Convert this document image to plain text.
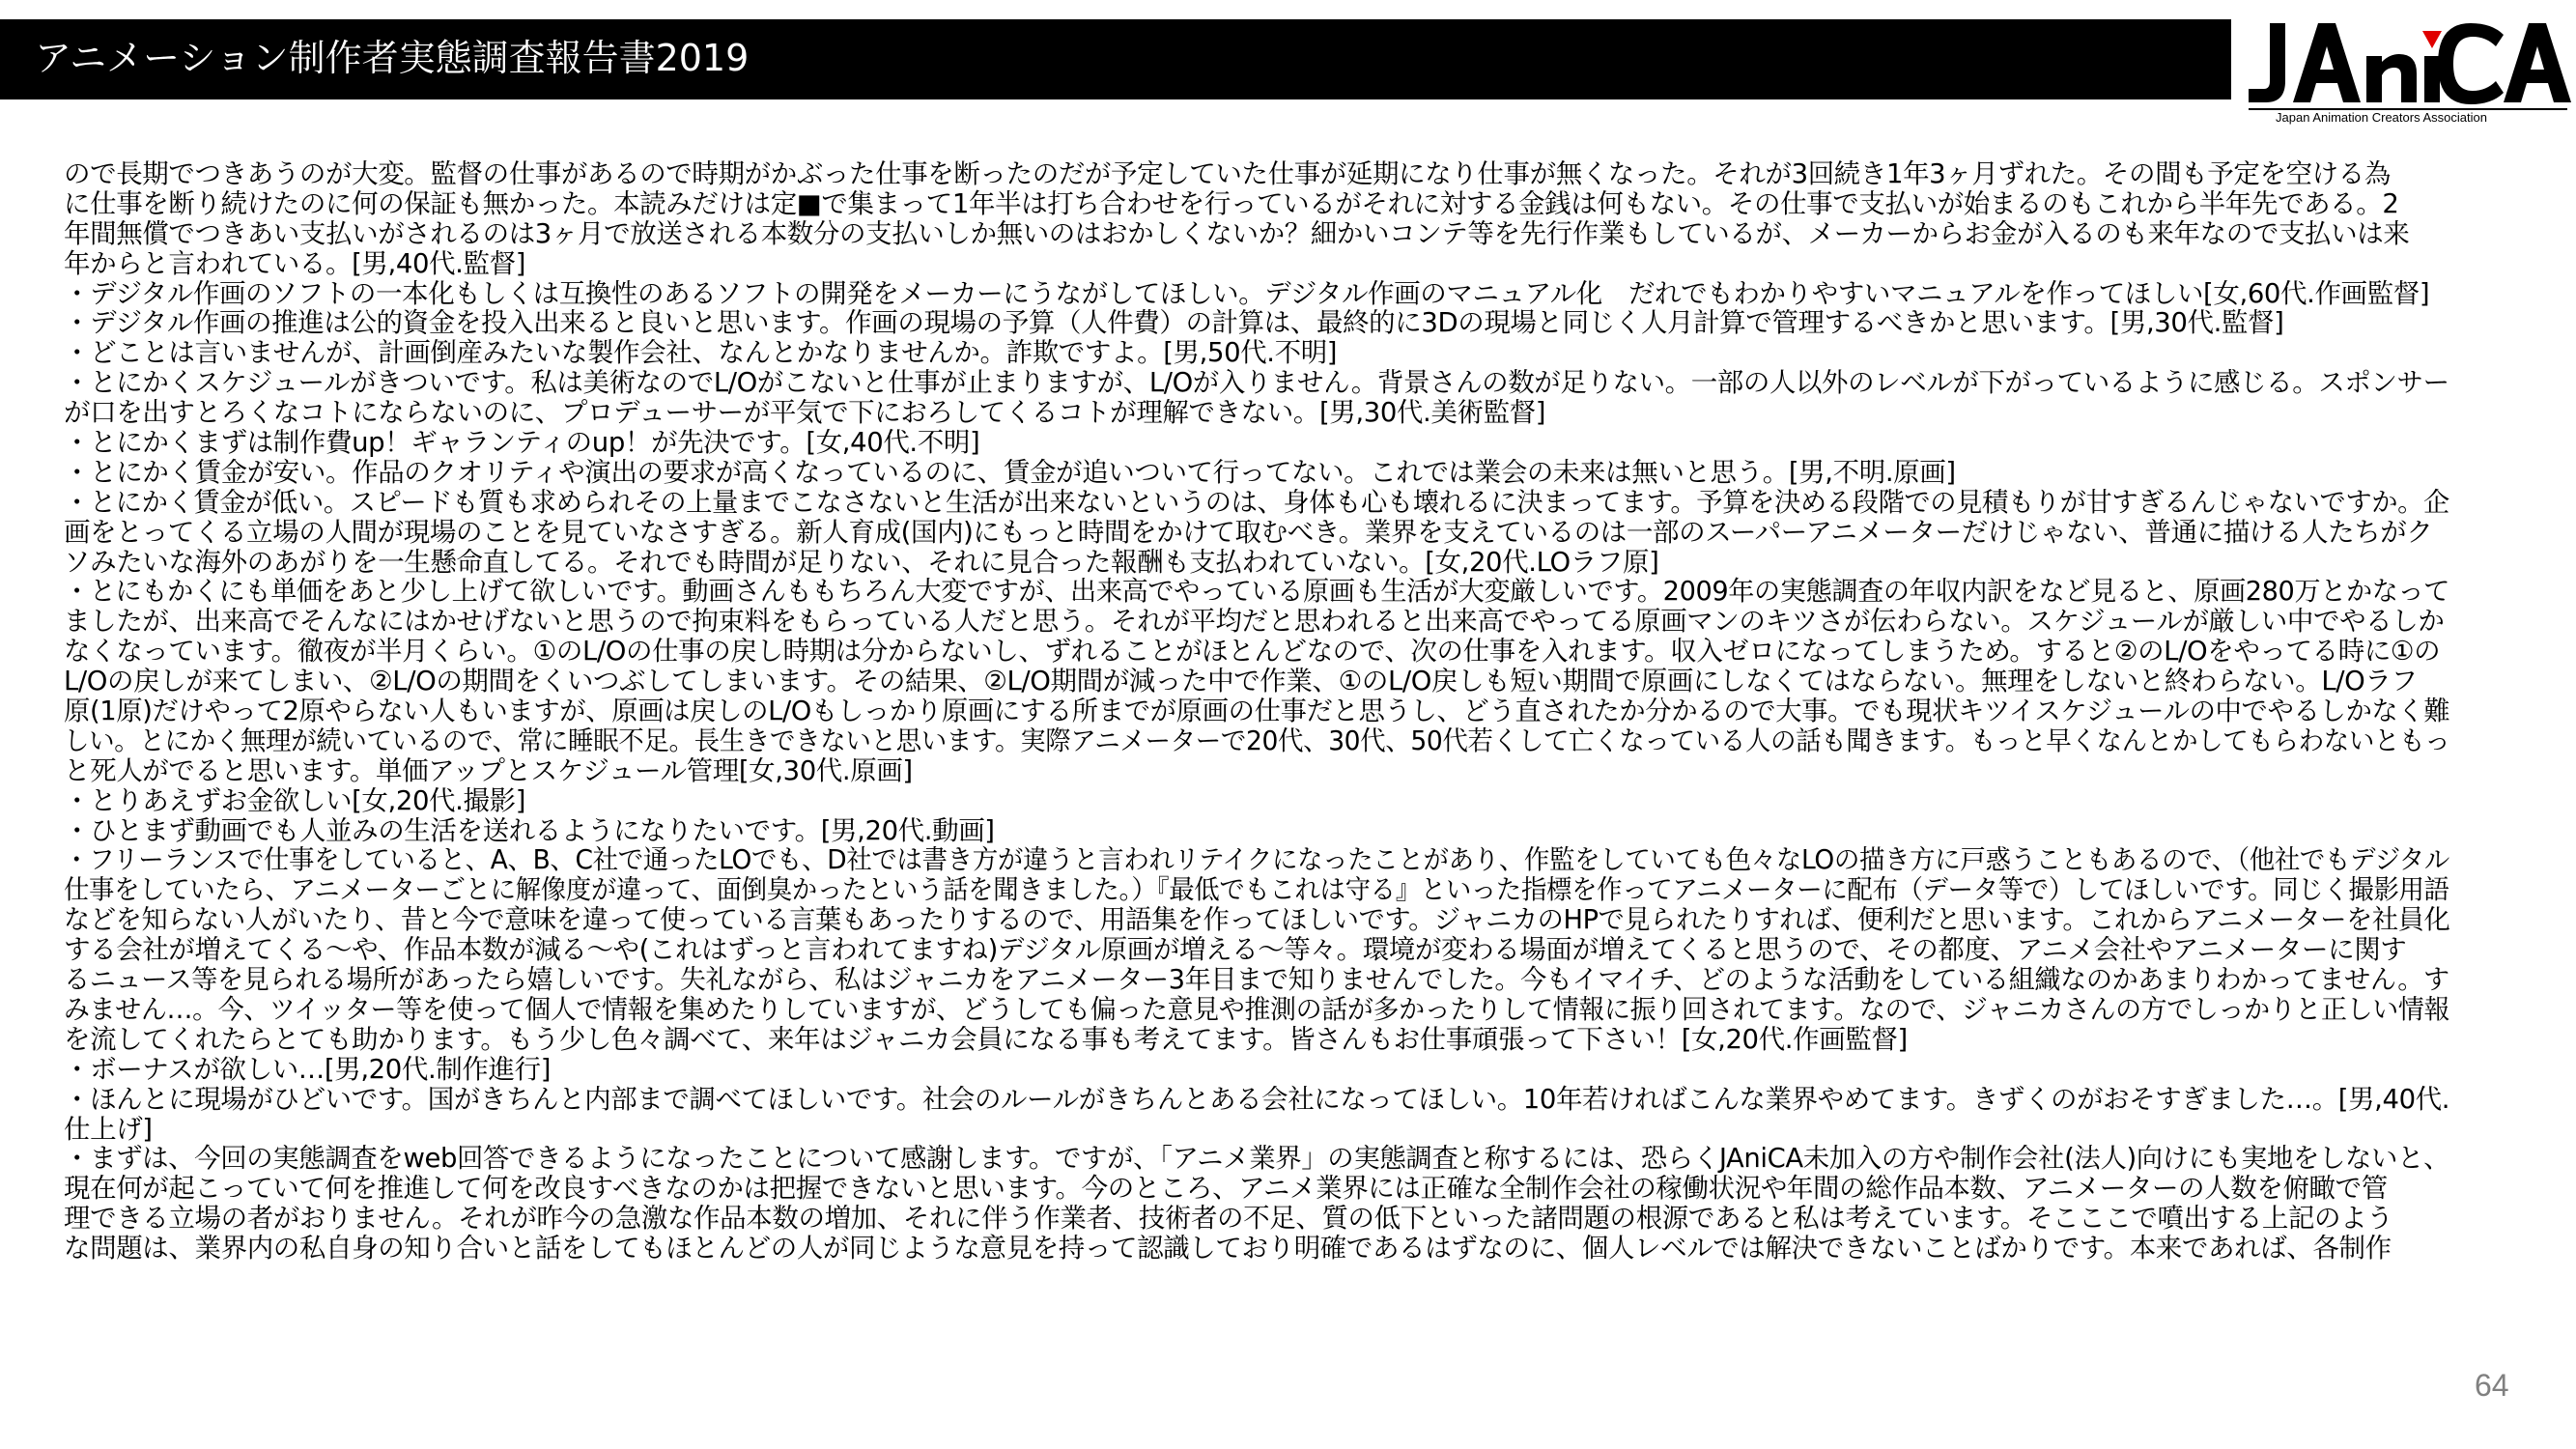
アニメーション制作者実態調査報告書2019
Japan Animation Creators Association
ので長期でつきあうのが大変。監督の仕事があるので時期がかぶった仕事を断ったのだが予定していた仕事が延期になり仕事が無くなった。それが3回続き1年3ヶ月ずれた。その間も予定を空ける為
に仕事を断り続けたのに何の保証も無かった。本読みだけは定■で集まって1年半は打ち合わせを行っているがそれに対する金銭は何もない。その仕事で支払いが始まるのもこれから半年先である。2
年間無償でつきあい支払いがされるのは3ヶ月で放送される本数分の支払いしか無いのはおかしくないか？細かいコンテ等を先行作業もしているが、メーカーからお金が入るのも来年なので支払いは来
年からと言われている。[男,40代.監督]
・デジタル作画のソフトの一本化もしくは互換性のあるソフトの開発をメーカーにうながしてほしい。デジタル作画のマニュアル化　だれでもわかりやすいマニュアルを作ってほしい[女,60代.作画監督]
・デジタル作画の推進は公的資金を投入出来ると良いと思います。作画の現場の予算（人件費）の計算は、最終的に3Dの現場と同じく人月計算で管理するべきかと思います。[男,30代.監督]
・どことは言いませんが、計画倒産みたいな製作会社、なんとかなりませんか。詐欺ですよ。[男,50代.不明]
・とにかくスケジュールがきついです。私は美術なのでL/Oがこないと仕事が止まりますが、L/Oが入りません。背景さんの数が足りない。一部の人以外のレベルが下がっているように感じる。スポンサー
が口を出すとろくなコトにならないのに、プロデューサーが平気で下におろしてくるコトが理解できない。[男,30代.美術監督]
・とにかくまずは制作費up！ギャランティのup！が先決です。[女,40代.不明]
・とにかく賃金が安い。作品のクオリティや演出の要求が高くなっているのに、賃金が追いついて行ってない。これでは業会の未来は無いと思う。[男,不明.原画]
・とにかく賃金が低い。スピードも質も求められその上量までこなさないと生活が出来ないというのは、身体も心も壊れるに決まってます。予算を決める段階での見積もりが甘すぎるんじゃないですか。企
画をとってくる立場の人間が現場のことを見ていなさすぎる。新人育成(国内)にもっと時間をかけて取むべき。業界を支えているのは一部のスーパーアニメーターだけじゃない、普通に描ける人たちがク
ソみたいな海外のあがりを一生懸命直してる。それでも時間が足りない、それに見合った報酬も支払われていない。[女,20代.LOラフ原]
・とにもかくにも単価をあと少し上げて欲しいです。動画さんももちろん大変ですが、出来高でやっている原画も生活が大変厳しいです。2009年の実態調査の年収内訳をなど見ると、原画280万とかなって
ましたが、出来高でそんなにはかせげないと思うので拘束料をもらっている人だと思う。それが平均だと思われると出来高でやってる原画マンのキツさが伝わらない。スケジュールが厳しい中でやるしか
なくなっています。徹夜が半月くらい。①のL/Oの仕事の戻し時期は分からないし、ずれることがほとんどなので、次の仕事を入れます。収入ゼロになってしまうため。すると②のL/Oをやってる時に①の
L/Oの戻しが来てしまい、②L/Oの期間をくいつぶしてしまいます。その結果、②L/O期間が減った中で作業、①のL/O戻しも短い期間で原画にしなくてはならない。無理をしないと終わらない。L/Oラフ
原(1原)だけやって2原やらない人もいますが、原画は戻しのL/Oもしっかり原画にする所までが原画の仕事だと思うし、どう直されたか分かるので大事。でも現状キツイスケジュールの中でやるしかなく難
しい。とにかく無理が続いているので、常に睡眠不足。長生きできないと思います。実際アニメーターで20代、30代、50代若くして亡くなっている人の話も聞きます。もっと早くなんとかしてもらわないともっ
と死人がでると思います。単価アップとスケジュール管理[女,30代.原画]
・とりあえずお金欲しい[女,20代.撮影]
・ひとまず動画でも人並みの生活を送れるようになりたいです。[男,20代.動画]
・フリーランスで仕事をしていると、A、B、C社で通ったLOでも、D社では書き方が違うと言われリテイクになったことがあり、作監をしていても色々なLOの描き方に戸惑うこともあるので、（他社でもデジタル
仕事をしていたら、アニメーターごとに解像度が違って、面倒臭かったという話を聞きました。）『最低でもこれは守る』といった指標を作ってアニメーターに配布（データ等で）してほしいです。同じく撮影用語
などを知らない人がいたり、昔と今で意味を違って使っている言葉もあったりするので、用語集を作ってほしいです。ジャニカのHPで見られたりすれば、便利だと思います。これからアニメーターを社員化
する会社が増えてくる～や、作品本数が減る～や(これはずっと言われてますね)デジタル原画が増える～等々。環境が変わる場面が増えてくると思うので、その都度、アニメ会社やアニメーターに関す
るニュース等を見られる場所があったら嬉しいです。失礼ながら、私はジャニカをアニメーター3年目まで知りませんでした。今もイマイチ、どのような活動をしている組織なのかあまりわかってません。す
みません…。今、ツイッター等を使って個人で情報を集めたりしていますが、どうしても偏った意見や推測の話が多かったりして情報に振り回されてます。なので、ジャニカさんの方でしっかりと正しい情報
を流してくれたらとても助かります。もう少し色々調べて、来年はジャニカ会員になる事も考えてます。皆さんもお仕事頑張って下さい！[女,20代.作画監督]
・ボーナスが欲しい…[男,20代.制作進行]
・ほんとに現場がひどいです。国がきちんと内部まで調べてほしいです。社会のルールがきちんとある会社になってほしい。10年若ければこんな業界やめてます。きずくのがおそすぎました…。[男,40代.
仕上げ]
・まずは、今回の実態調査をweb回答できるようになったことについて感謝します。ですが、「アニメ業界」の実態調査と称するには、恐らくJAniCA未加入の方や制作会社(法人)向けにも実地をしないと、
現在何が起こっていて何を推進して何を改良すべきなのかは把握できないと思います。今のところ、アニメ業界には正確な全制作会社の稼働状況や年間の総作品本数、アニメーターの人数を俯瞰で管
理できる立場の者がおりません。それが昨今の急激な作品本数の増加、それに伴う作業者、技術者の不足、質の低下といった諸問題の根源であると私は考えています。そこここで噴出する上記のよう
な問題は、業界内の私自身の知り合いと話をしてもほとんどの人が同じような意見を持って認識しており明確であるはずなのに、個人レベルでは解決できないことばかりです。本来であれば、各制作
64
